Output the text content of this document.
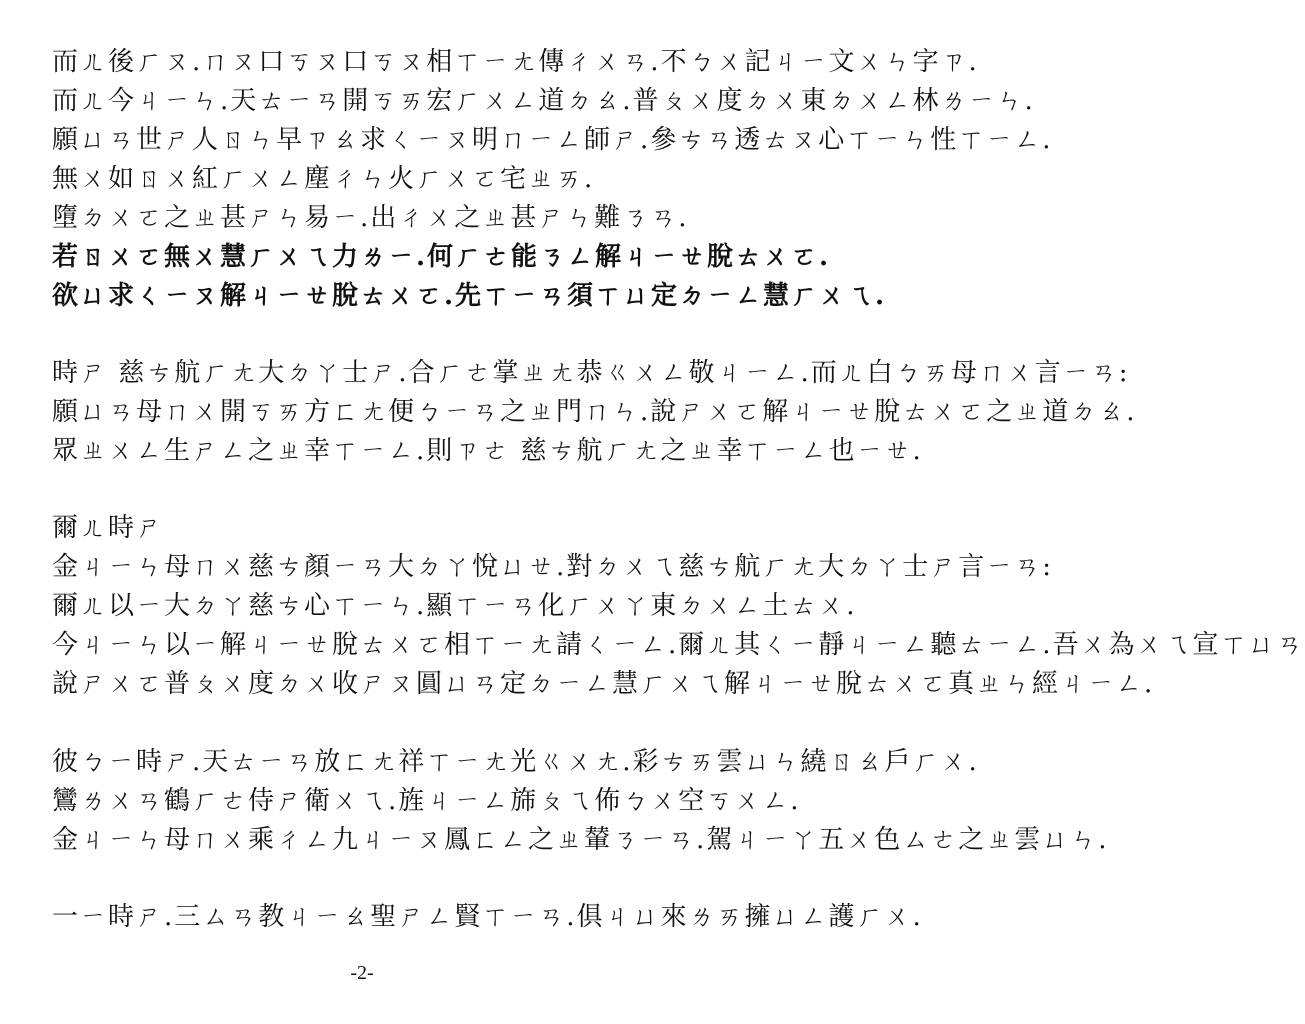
而ㄦ後ㄏㄡ.ㄇㄡ口ㄎㄡ口ㄎㄡ相ㄒㄧㄤ傳ㄔㄨㄢ.不ㄅㄨ記ㄐㄧ文ㄨㄣ字ㄗ.
而ㄦ今ㄐㄧㄣ.天ㄊㄧㄢ開ㄎㄞ宏ㄏㄨㄥ道ㄉㄠ.普ㄆㄨ度ㄉㄨ東ㄉㄨㄥ林ㄌㄧㄣ.
願ㄩㄢ世ㄕ人ㄖㄣ早ㄗㄠ求ㄑㄧㄡ明ㄇㄧㄥ師ㄕ.參ㄘㄢ透ㄊㄡ心ㄒㄧㄣ性ㄒㄧㄥ.
無ㄨ如ㄖㄨ紅ㄏㄨㄥ塵ㄔㄣ火ㄏㄨㄛ宅ㄓㄞ.
墮ㄉㄨㄛ之ㄓ甚ㄕㄣ易ㄧ.出ㄔㄨ之ㄓ甚ㄕㄣ難ㄋㄢ.
若ㄖㄨㄛ無ㄨ慧ㄏㄨㄟ力ㄌㄧ.何ㄏㄜ能ㄋㄥ解ㄐㄧㄝ脫ㄊㄨㄛ.
欲ㄩ求ㄑㄧㄡ解ㄐㄧㄝ脫ㄊㄨㄛ.先ㄒㄧㄢ須ㄒㄩ定ㄉㄧㄥ慧ㄏㄨㄟ.
時ㄕ 慈ㄘ航ㄏㄤ大ㄉㄚ士ㄕ.合ㄏㄜ掌ㄓㄤ恭ㄍㄨㄥ敬ㄐㄧㄥ.而ㄦ白ㄅㄞ母ㄇㄨ言ㄧㄢ:
願ㄩㄢ母ㄇㄨ開ㄎㄞ方ㄈㄤ便ㄅㄧㄢ之ㄓ門ㄇㄣ.說ㄕㄨㄛ解ㄐㄧㄝ脫ㄊㄨㄛ之ㄓ道ㄉㄠ.
眾ㄓㄨㄥ生ㄕㄥ之ㄓ幸ㄒㄧㄥ.則ㄗㄜ 慈ㄘ航ㄏㄤ之ㄓ幸ㄒㄧㄥ也ㄧㄝ.
爾ㄦ時ㄕ
金ㄐㄧㄣ母ㄇㄨ慈ㄘ顏ㄧㄢ大ㄉㄚ悅ㄩㄝ.對ㄉㄨㄟ慈ㄘ航ㄏㄤ大ㄉㄚ士ㄕ言ㄧㄢ:
爾ㄦ以ㄧ大ㄉㄚ慈ㄘ心ㄒㄧㄣ.顯ㄒㄧㄢ化ㄏㄨㄚ東ㄉㄨㄥ土ㄊㄨ.
今ㄐㄧㄣ以ㄧ解ㄐㄧㄝ脫ㄊㄨㄛ相ㄒㄧㄤ請ㄑㄧㄥ.爾ㄦ其ㄑㄧ靜ㄐㄧㄥ聽ㄊㄧㄥ.吾ㄨ為ㄨㄟ宣ㄒㄩㄢ
說ㄕㄨㄛ普ㄆㄨ度ㄉㄨ收ㄕㄡ圓ㄩㄢ定ㄉㄧㄥ慧ㄏㄨㄟ解ㄐㄧㄝ脫ㄊㄨㄛ真ㄓㄣ經ㄐㄧㄥ.
彼ㄅㄧ時ㄕ.天ㄊㄧㄢ放ㄈㄤ祥ㄒㄧㄤ光ㄍㄨㄤ.彩ㄘㄞ雲ㄩㄣ繞ㄖㄠ戶ㄏㄨ.
鸞ㄌㄨㄢ鶴ㄏㄜ侍ㄕ衛ㄨㄟ.旌ㄐㄧㄥ旆ㄆㄟ佈ㄅㄨ空ㄎㄨㄥ.
金ㄐㄧㄣ母ㄇㄨ乘ㄔㄥ九ㄐㄧㄡ鳳ㄈㄥ之ㄓ輦ㄋㄧㄢ.駕ㄐㄧㄚ五ㄨ色ㄙㄜ之ㄓ雲ㄩㄣ.
一ㄧ時ㄕ.三ㄙㄢ教ㄐㄧㄠ聖ㄕㄥ賢ㄒㄧㄢ.俱ㄐㄩ來ㄌㄞ擁ㄩㄥ護ㄏㄨ.
-2-
